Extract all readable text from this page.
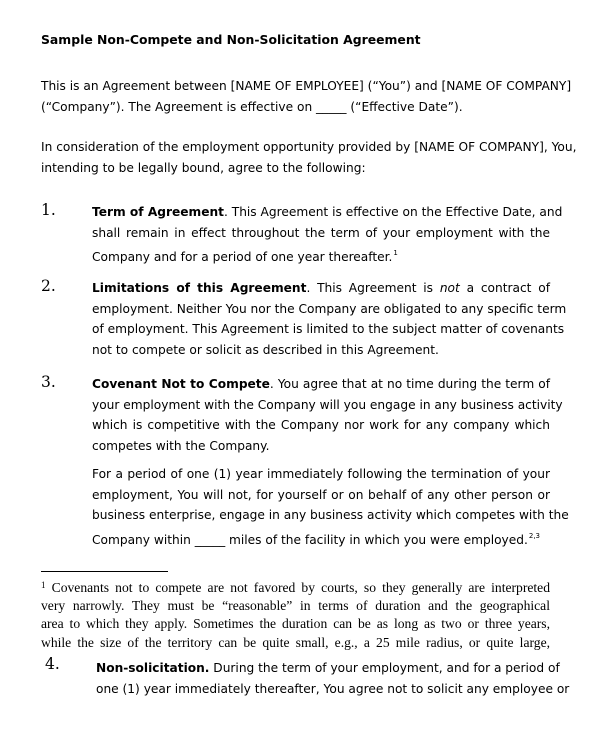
Sample Non-Compete and Non-Solicitation Agreement
This is an Agreement between [NAME OF EMPLOYEE] (“You”) and [NAME OF COMPANY]
(“Company”). The Agreement is effective on _____ (“Effective Date”).
In consideration of the employment opportunity provided by [NAME OF COMPANY], You,
intending to be legally bound, agree to the following:
1.	Term of Agreement. This Agreement is effective on the Effective Date, and
shall remain in effect throughout the term of your employment with the
Company and for a period of one year thereafter.$^1$
2.	Limitations of this Agreement. This Agreement is not a contract of
employment. Neither You nor the Company are obligated to any specific term
of employment. This Agreement is limited to the subject matter of covenants
not to compete or solicit as described in this Agreement.
3.	Covenant Not to Compete. You agree that at no time during the term of
your employment with the Company will you engage in any business activity
which is competitive with the Company nor work for any company which
competes with the Company.
For a period of one (1) year immediately following the termination of your
employment, You will not, for yourself or on behalf of any other person or
business enterprise, engage in any business activity which competes with the
Company within _____ miles of the facility in which you were employed.$^{2,3}$
$^1$ Covenants not to compete are not favored by courts, so they generally are interpreted
very narrowly. They must be “reasonable” in terms of duration and the geographical
area to which they apply. Sometimes the duration can be as long as two or three years,
while the size of the territory can be quite small, e.g., a 25 mile radius, or quite large,
4.	Non-solicitation. During the term of your employment, and for a period of
one (1) year immediately thereafter, You agree not to solicit any employee or
